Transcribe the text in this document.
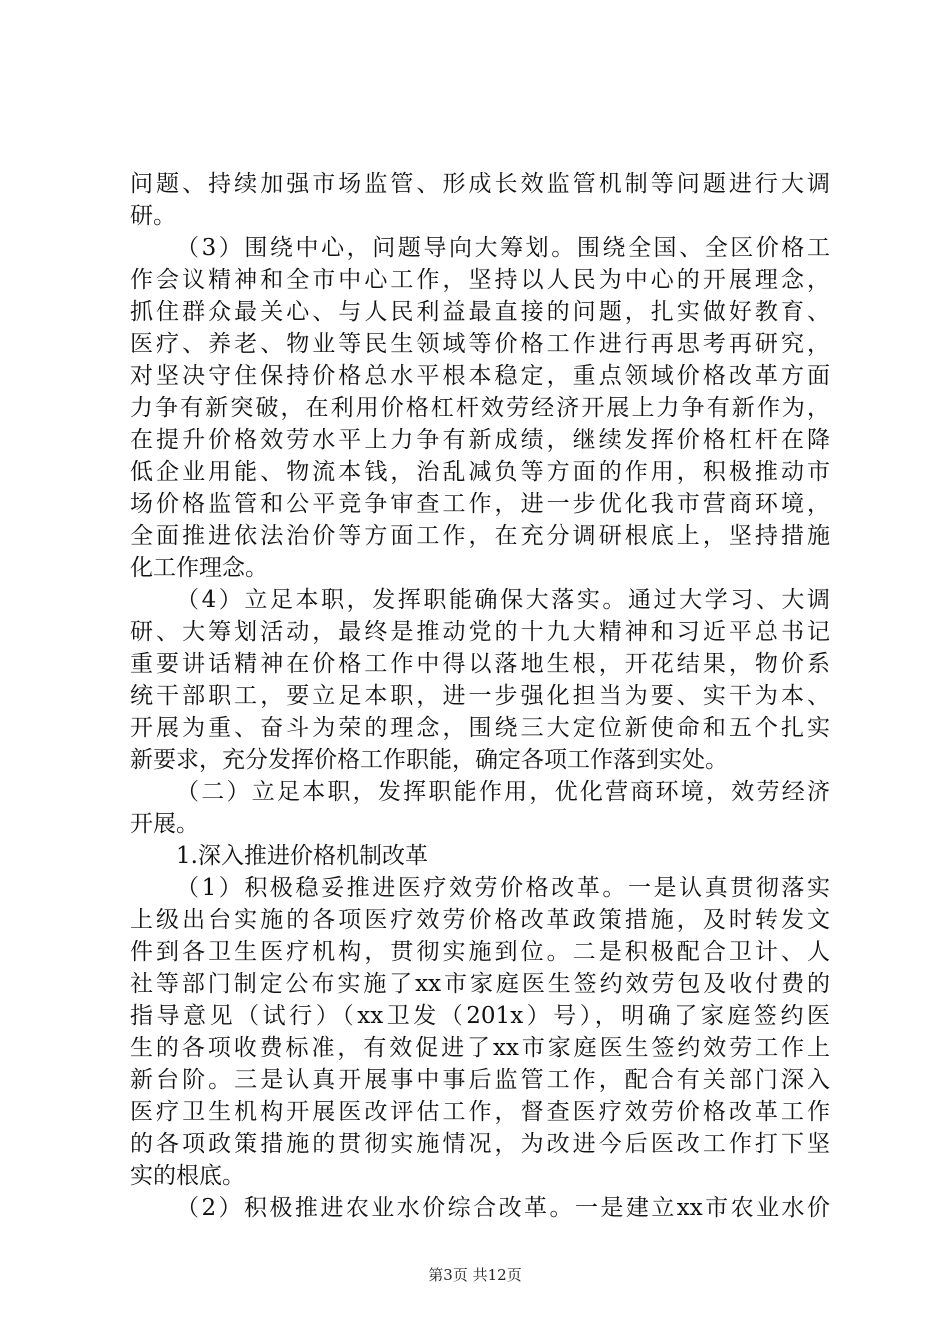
问题、持续加强市场监管、形成长效监管机制等问题进行大调
研。
（3）围绕中心，问题导向大筹划。围绕全国、全区价格工
作会议精神和全市中心工作，坚持以人民为中心的开展理念，
抓住群众最关心、与人民利益最直接的问题，扎实做好教育、
医疗、养老、物业等民生领域等价格工作进行再思考再研究，
对坚决守住保持价格总水平根本稳定，重点领域价格改革方面
力争有新突破，在利用价格杠杆效劳经济开展上力争有新作为，
在提升价格效劳水平上力争有新成绩，继续发挥价格杠杆在降
低企业用能、物流本钱，治乱减负等方面的作用，积极推动市
场价格监管和公平竞争审查工作，进一步优化我市营商环境，
全面推进依法治价等方面工作，在充分调研根底上，坚持措施
化工作理念。
（4）立足本职，发挥职能确保大落实。通过大学习、大调
研、大筹划活动，最终是推动党的十九大精神和习近平总书记
重要讲话精神在价格工作中得以落地生根，开花结果，物价系
统干部职工，要立足本职，进一步强化担当为要、实干为本、
开展为重、奋斗为荣的理念，围绕三大定位新使命和五个扎实
新要求，充分发挥价格工作职能，确定各项工作落到实处。
（二）立足本职，发挥职能作用，优化营商环境，效劳经济
开展。
1.深入推进价格机制改革
（1）积极稳妥推进医疗效劳价格改革。一是认真贯彻落实
上级出台实施的各项医疗效劳价格改革政策措施，及时转发文
件到各卫生医疗机构，贯彻实施到位。二是积极配合卫计、人
社等部门制定公布实施了xx市家庭医生签约效劳包及收付费的
指导意见（试行）（xx卫发（201x）号），明确了家庭签约医
生的各项收费标准，有效促进了xx市家庭医生签约效劳工作上
新台阶。三是认真开展事中事后监管工作，配合有关部门深入
医疗卫生机构开展医改评估工作，督查医疗效劳价格改革工作
的各项政策措施的贯彻实施情况，为改进今后医改工作打下坚
实的根底。
（2）积极推进农业水价综合改革。一是建立xx市农业水价
第3页 共12页
